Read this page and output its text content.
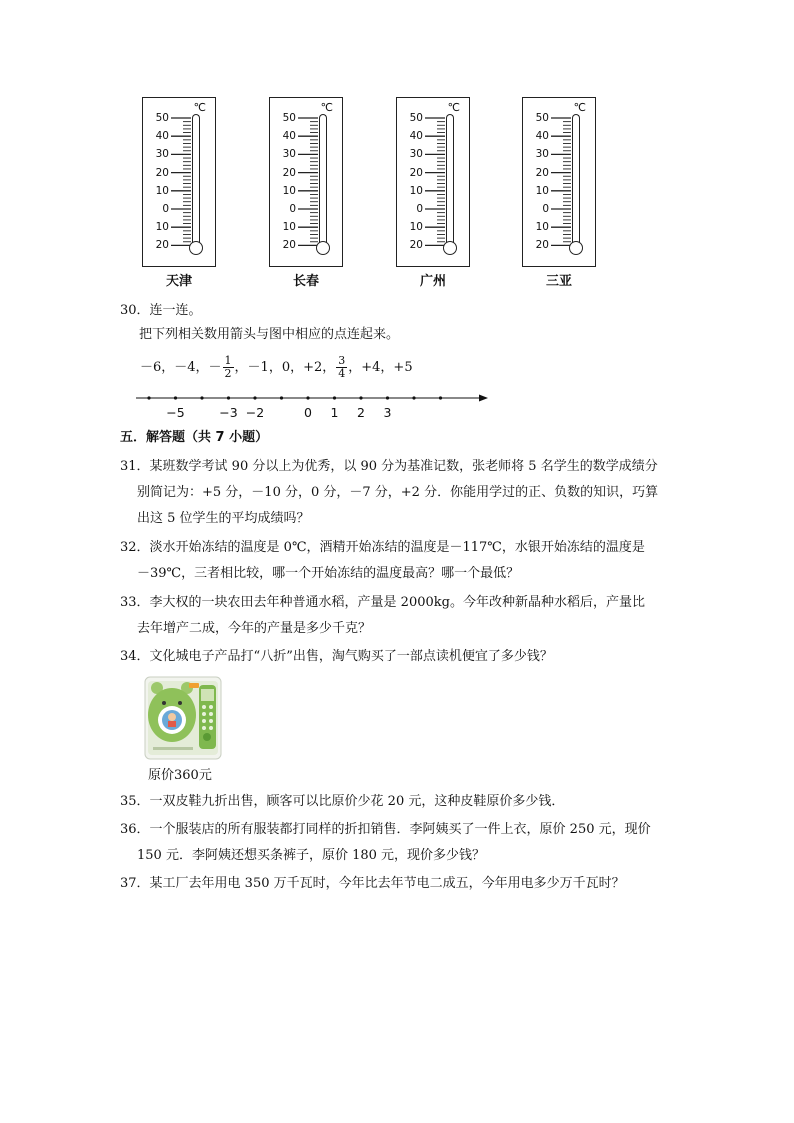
℃
50
40
30
20
10
0
10
20
℃
50
40
30
20
10
0
10
20
℃
50
40
30
20
10
0
10
20
℃
50
40
30
20
10
0
10
20
天津	长春	广州	三亚
30．连一连。
把下列相关数用箭头与图中相应的点连起来。
－6，－4，－ $\frac{1}{2}$ ，－1，0，+2， $\frac{3}{4}$ ，+4，+5
−5	−3 −2	0 1 2 3
五．解答题（共 7 小题）
31．某班数学考试 90 分以上为优秀，以 90 分为基准记数，张老师将 5 名学生的数学成绩分
别简记为：+5 分，－10 分，0 分，－7 分，+2 分．你能用学过的正、负数的知识，巧算
出这 5 位学生的平均成绩吗？
32．淡水开始冻结的温度是 0℃，酒精开始冻结的温度是－117℃，水银开始冻结的温度是
－39℃，三者相比较，哪一个开始冻结的温度最高？哪一个最低？
33．李大权的一块农田去年种普通水稻，产量是 2000kg。今年改种新晶种水稻后，产量比
去年增产二成，今年的产量是多少千克？
34．文化城电子产品打“八折”出售，淘气购买了一部点读机便宜了多少钱？
原价360元
35．一双皮鞋九折出售，顾客可以比原价少花 20 元，这种皮鞋原价多少钱．
36．一个服装店的所有服装都打同样的折扣销售．李阿姨买了一件上衣，原价 250 元，现价
150 元．李阿姨还想买条裤子，原价 180 元，现价多少钱？
37．某工厂去年用电 350 万千瓦时，今年比去年节电二成五，今年用电多少万千瓦时？
